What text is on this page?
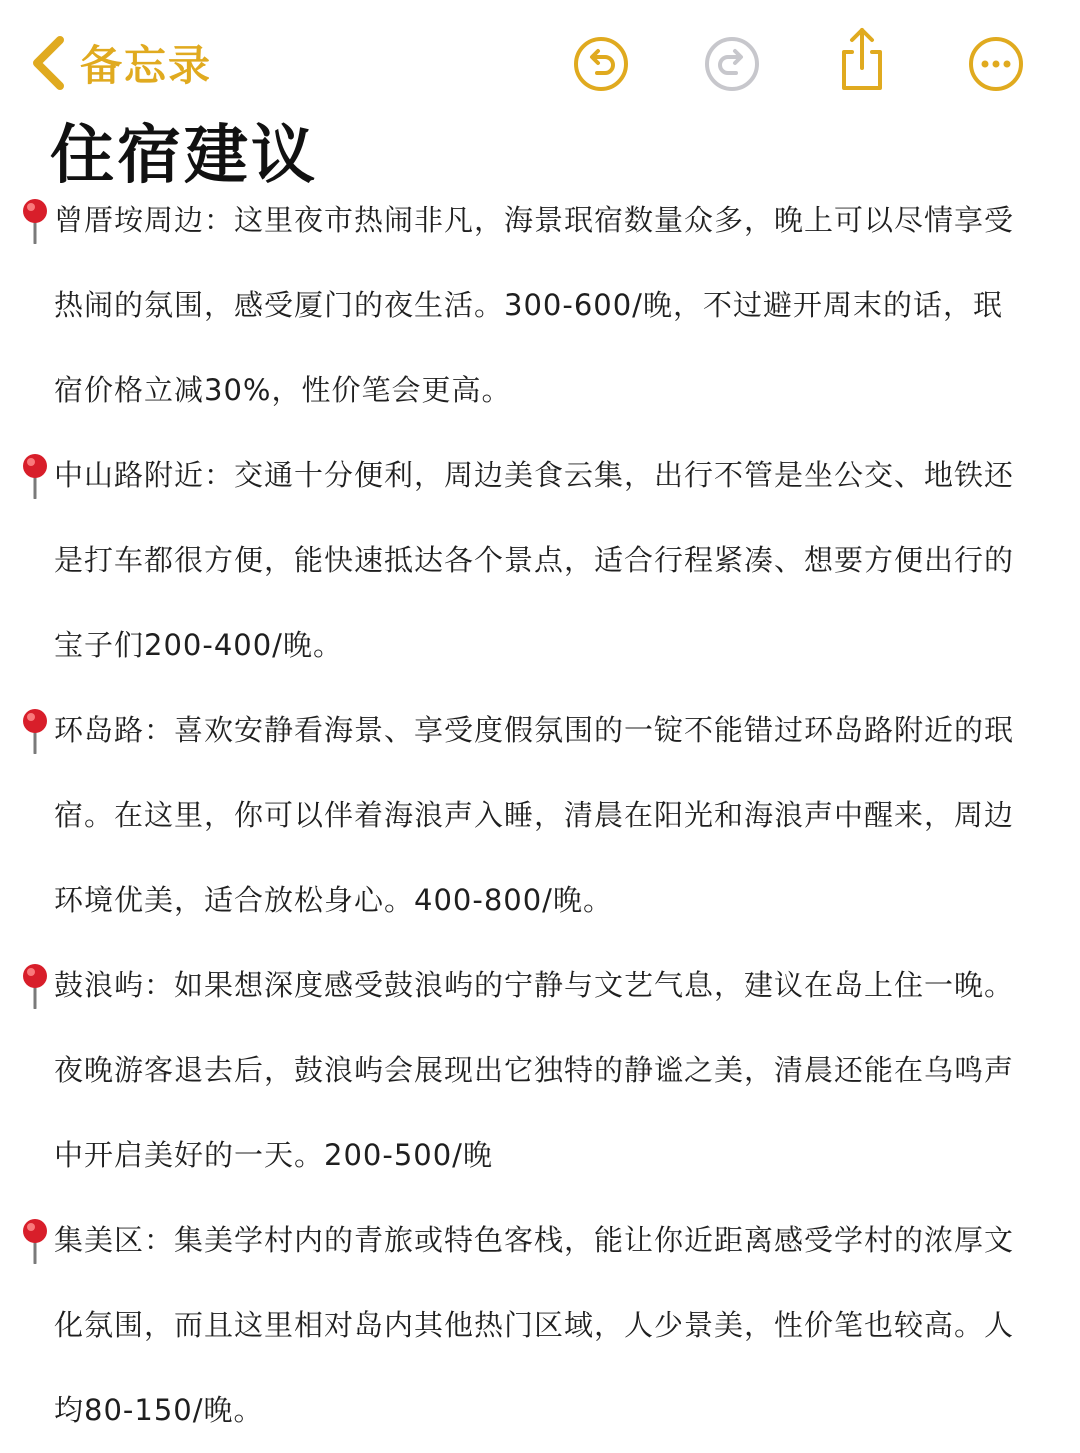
备忘录
住宿建议

曾厝垵周边：这里夜市热闹非凡，海景珉宿数量众多，晚上可以尽情享受热闹的氛围，感受厦门的夜生活。300-600/晚，不过避开周末的话，珉宿价格立减30%，性价笔会更高。

中山路附近：交通十分便利，周边美食云集，出行不管是坐公交、地铁还是打车都很方便，能快速抵达各个景点，适合行程紧凑、想要方便出行的宝子们200-400/晚。

环岛路：喜欢安静看海景、享受度假氛围的一锭不能错过环岛路附近的珉宿。在这里，你可以伴着海浪声入睡，清晨在阳光和海浪声中醒来，周边环境优美，适合放松身心。400-800/晚。

鼓浪屿：如果想深度感受鼓浪屿的宁静与文艺气息，建议在岛上住一晚。夜晚游客退去后，鼓浪屿会展现出它独特的静谧之美，清晨还能在乌鸣声中开启美好的一天。200-500/晚

集美区：集美学村内的青旅或特色客栈，能让你近距离感受学村的浓厚文化氛围，而且这里相对岛内其他热门区域，人少景美，性价笔也较高。人均80-150/晚。
